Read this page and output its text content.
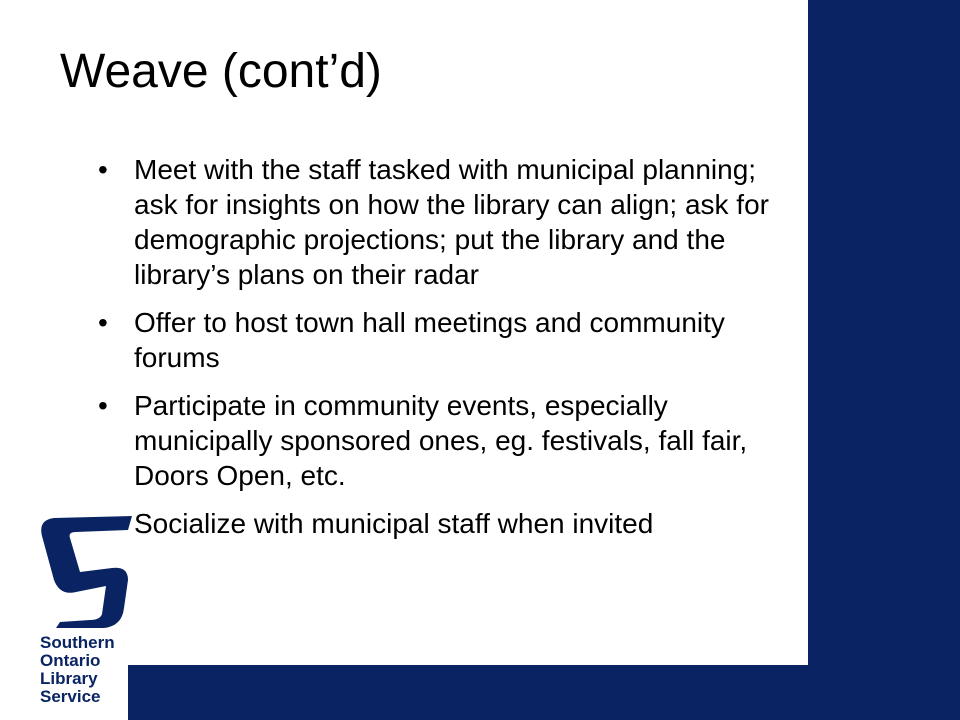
Weave (cont’d)
• Meet with the staff tasked with municipal planning; ask for insights on how the library can align; ask for demographic projections; put the library and the library’s plans on their radar
• Offer to host town hall meetings and community forums
• Participate in community events, especially municipally sponsored ones, eg. festivals, fall fair, Doors Open, etc.
Socialize with municipal staff when invited
Southern
Ontario
Library
Service
